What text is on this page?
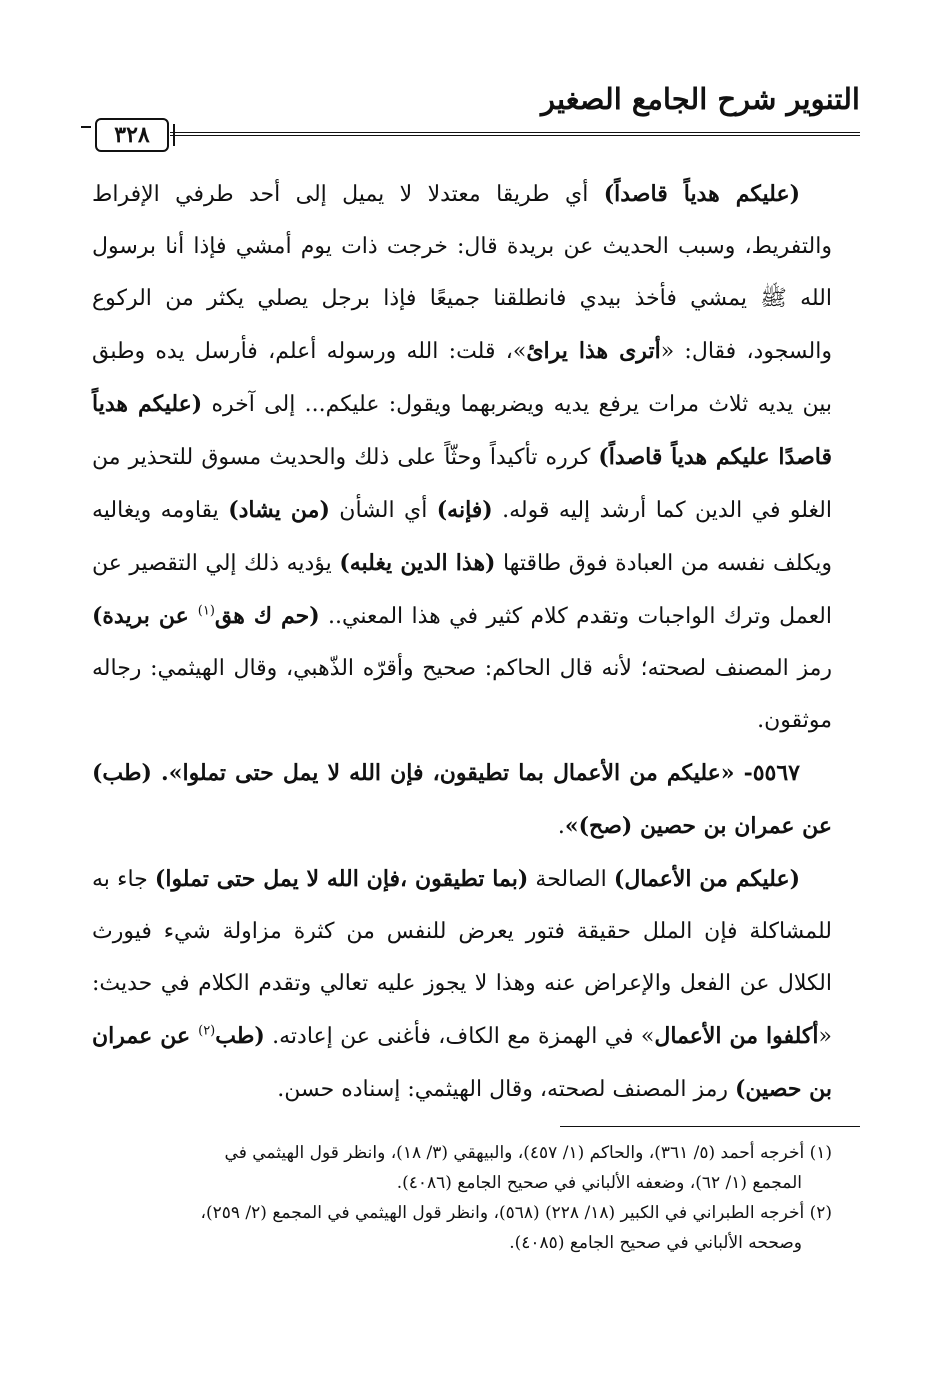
التنوير شرح الجامع الصغير
٣٢٨

(عليكم هدياً قاصداً) أي طريقا معتدلا لا يميل إلى أحد طرفي الإفراط والتفريط، وسبب الحديث عن بريدة قال: خرجت ذات يوم أمشي فإذا أنا برسول الله ﷺ يمشي فأخذ بيدي فانطلقنا جميعًا فإذا برجل يصلي يكثر من الركوع والسجود، فقال: «أترى هذا يرائ»، قلت: الله ورسوله أعلم، فأرسل يده وطبق بين يديه ثلاث مرات يرفع يديه ويضربهما ويقول: عليكم... إلى آخره (عليكم هدياً قاصدًا عليكم هدياً قاصداً) كرره تأكيداً وحثّاً على ذلك والحديث مسوق للتحذير من الغلو في الدين كما أرشد إليه قوله. (فإنه) أي الشأن (من يشاد) يقاومه ويغاليه ويكلف نفسه من العبادة فوق طاقتها (هذا الدين يغلبه) يؤديه ذلك إلي التقصير عن العمل وترك الواجبات وتقدم كلام كثير في هذا المعني.. (حم ك هق$^{(١)}$ عن بريدة) رمز المصنف لصحته؛ لأنه قال الحاكم: صحيح وأقرّه الذّهبي، وقال الهيثمي: رجاله موثقون.

٥٥٦٧- «عليكم من الأعمال بما تطيقون، فإن الله لا يمل حتى تملوا». (طب) عن عمران بن حصين (صح)».

(عليكم من الأعمال) الصالحة (بما تطيقون ،فإن الله لا يمل حتى تملوا) جاء به للمشاكلة فإن الملل حقيقة فتور يعرض للنفس من كثرة مزاولة شيء فيورث الكلال عن الفعل والإعراض عنه وهذا لا يجوز عليه تعالي وتقدم الكلام في حديث: «أكلفوا من الأعمال» في الهمزة مع الكاف، فأغنى عن إعادته. (طب$^{(٢)}$ عن عمران بن حصين) رمز المصنف لصحته، وقال الهيثمي: إسناده حسن.

(١) أخرجه أحمد (٥/ ٣٦١)، والحاكم (١/ ٤٥٧)، والبيهقي (٣/ ١٨)، وانظر قول الهيثمي في

المجمع (١/ ٦٢)، وضعفه الألباني في صحيح الجامع (٤٠٨٦).

(٢) أخرجه الطبراني في الكبير (١٨/ ٢٢٨) (٥٦٨)، وانظر قول الهيثمي في المجمع (٢/ ٢٥٩)،

وصححه الألباني في صحيح الجامع (٤٠٨٥).
